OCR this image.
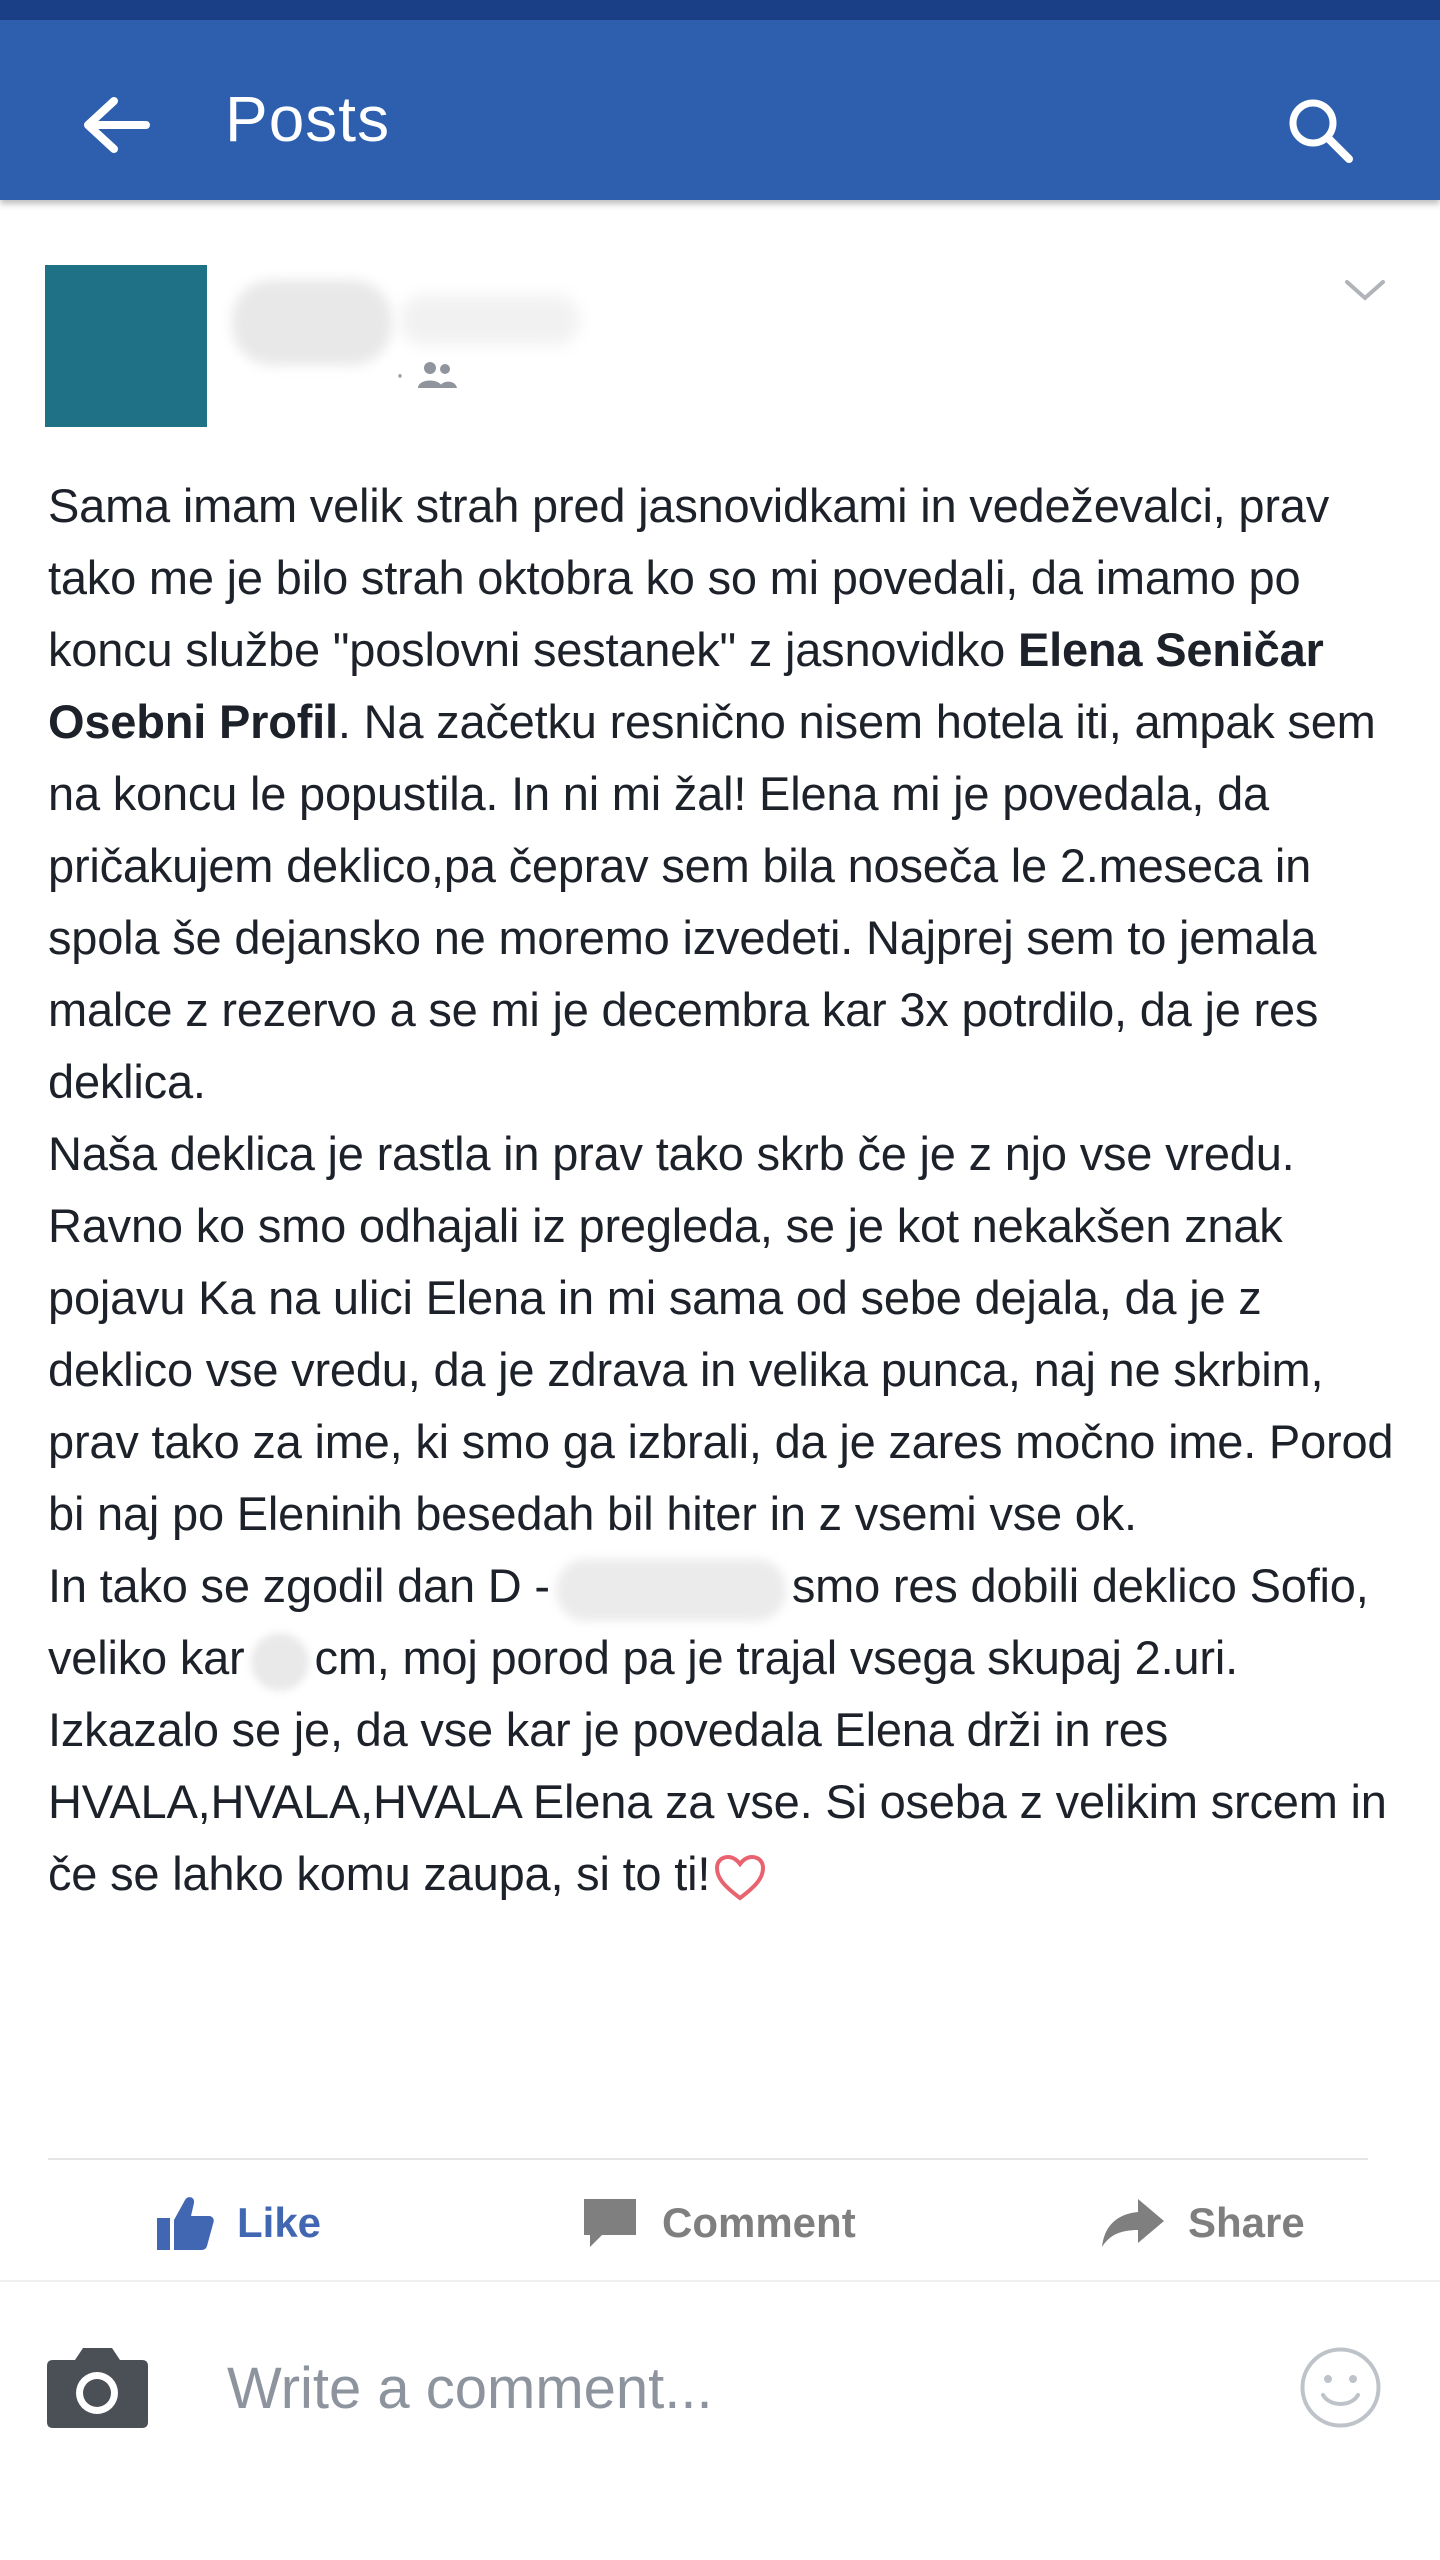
Posts
·

Sama imam velik strah pred jasnovidkami in vedeževalci, prav tako me je bilo strah oktobra ko so mi povedali, da imamo po koncu službe "poslovni sestanek" z jasnovidko Elena Seničar Osebni Profil. Na začetku resnično nisem hotela iti, ampak sem na koncu le popustila. In ni mi žal! Elena mi je povedala, da pričakujem deklico,pa čeprav sem bila noseča le 2.meseca in spola še dejansko ne moremo izvedeti. Najprej sem to jemala malce z rezervo a se mi je decembra kar 3x potrdilo, da je res deklica.

Naša deklica je rastla in prav tako skrb če je z njo vse vredu. Ravno ko smo odhajali iz pregleda, se je kot nekakšen znak pojavu Ka na ulici Elena in mi sama od sebe dejala, da je z deklico vse vredu, da je zdrava in velika punca, naj ne skrbim, prav tako za ime, ki smo ga izbrali, da je zares močno ime. Porod bi naj po Eleninih besedah bil hiter in z vsemi vse ok.

In tako se zgodil dan D -	smo res dobili deklico Sofio, veliko kar cm, moj porod pa je trajal vsega skupaj 2.uri.

Izkazalo se je, da vse kar je povedala Elena drži in res HVALA,HVALA,HVALA Elena za vse. Si oseba z velikim srcem in če se lahko komu zaupa, si to ti!

Like	Comment	Share
Write a comment...
